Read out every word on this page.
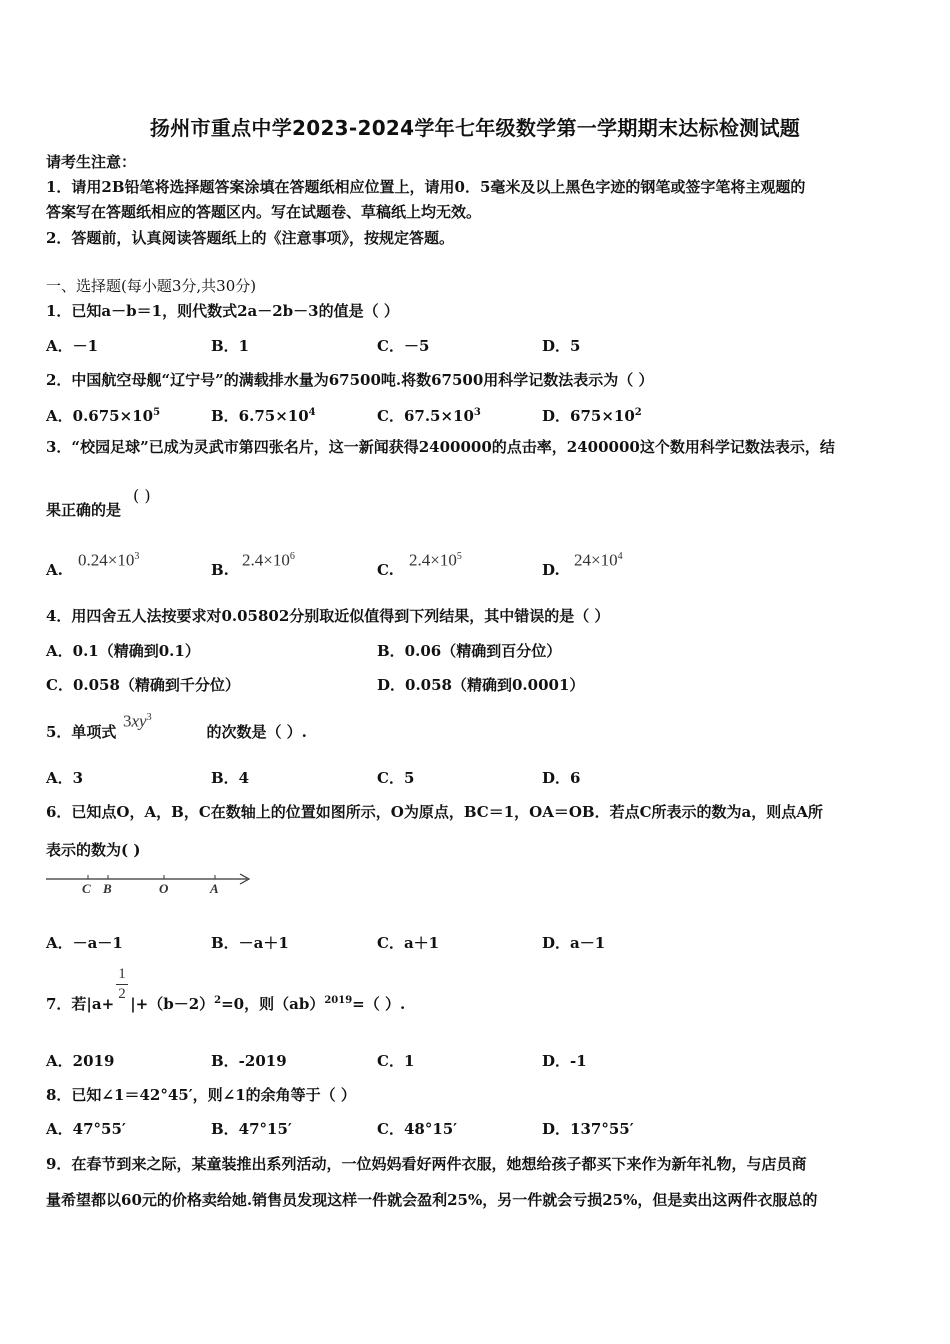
扬州市重点中学2023-2024学年七年级数学第一学期期末达标检测试题
请考生注意：
1．请用2B铅笔将选择题答案涂填在答题纸相应位置上，请用0．5毫米及以上黑色字迹的钢笔或签字笔将主观题的
答案写在答题纸相应的答题区内。写在试题卷、草稿纸上均无效。
2．答题前，认真阅读答题纸上的《注意事项》，按规定答题。
一、选择题(每小题3分,共30分)
1．已知a－b＝1，则代数式2a－2b－3的值是（ ）
A．－1	B．1	C．－5	D．5
2．中国航空母舰“辽宁号”的满载排水量为67500吨.将数67500用科学记数法表示为（ ）
A．$0.675\times 10^5$	B．$6.75\times 10^4$	C．$67.5\times 10^3$	D．$675\times 10^2$
3．“校园足球”已成为灵武市第四张名片，这一新闻获得2400000的点击率，2400000这个数用科学记数法表示，结
果正确的是
( )
A.
$0.24\times 10^3$
B.
$2.4\times 10^6$
C.
$2.4\times 10^5$
D.
$24\times 10^4$
4．用四舍五人法按要求对0.05802分别取近似值得到下列结果，其中错误的是（ ）
A．0.1（精确到0.1）	B．0.06（精确到百分位）
C．0.058（精确到千分位）	D．0.058（精确到0.0001）
5．单项式	的次数是（ ）.
$3xy^3$
A．3	B．4	C．5	D．6
6．已知点O，A，B，C在数轴上的位置如图所示，O为原点，BC＝1，OA＝OB．若点C所表示的数为a，则点A所
表示的数为( )
C B	O	A
A．－a－1	B．－a＋1	C．a＋1	D．a－1
7．若$|a+ |+(b-2)^2=0$，则（ab）$^{2019}$=（ ）.
1
2
A．2019	B．-2019	C．1	D．-1
8．已知∠1＝42°45′，则∠1的余角等于（ ）
A．47°55′	B．47°15′	C．48°15′	D．137°55′
9．在春节到来之际，某童装推出系列活动，一位妈妈看好两件衣服，她想给孩子都买下来作为新年礼物，与店员商
量希望都以60元的价格卖给她.销售员发现这样一件就会盈利25%，另一件就会亏损25%，但是卖出这两件衣服总的
